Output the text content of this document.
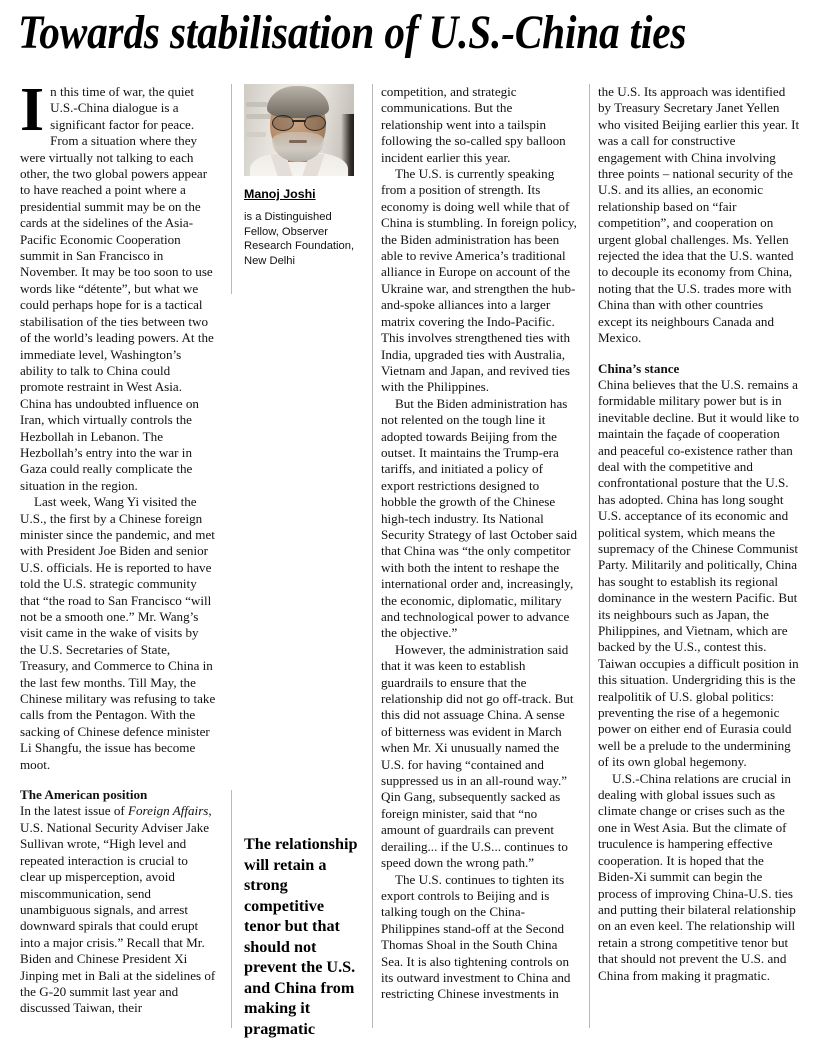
Towards stabilisation of U.S.-China ties

In this time of war, the quiet U.S.-China dialogue is a significant factor for peace. From a situation where they were virtually not talking to each other, the two global powers appear to have reached a point where a presidential summit may be on the cards at the sidelines of the Asia-Pacific Economic Cooperation summit in San Francisco in November. It may be too soon to use words like “détente”, but what we could perhaps hope for is a tactical stabilisation of the ties between two of the world’s leading powers. At the immediate level, Washington’s ability to talk to China could promote restraint in West Asia. China has undoubted influence on Iran, which virtually controls the Hezbollah in Lebanon. The Hezbollah’s entry into the war in Gaza could really complicate the situation in the region.

Last week, Wang Yi visited the U.S., the first by a Chinese foreign minister since the pandemic, and met with President Joe Biden and senior U.S. officials. He is reported to have told the U.S. strategic community that “the road to San Francisco “will not be a smooth one.” Mr. Wang’s visit came in the wake of visits by the U.S. Secretaries of State, Treasury, and Commerce to China in the last few months. Till May, the Chinese military was refusing to take calls from the Pentagon. With the sacking of Chinese defence minister Li Shangfu, the issue has become moot.

The American position

In the latest issue of Foreign Affairs, U.S. National Security Adviser Jake Sullivan wrote, “High level and repeated interaction is crucial to clear up misperception, avoid miscommunication, send unambiguous signals, and arrest downward spirals that could erupt into a major crisis.” Recall that Mr. Biden and Chinese President Xi Jinping met in Bali at the sidelines of the G-20 summit last year and discussed Taiwan, their

Manoj Joshi
is a Distinguished Fellow, Observer Research Foundation, New Delhi
The relationship will retain a strong competitive tenor but that should not prevent the U.S. and China from making it pragmatic

competition, and strategic communications. But the relationship went into a tailspin following the so-called spy balloon incident earlier this year.

The U.S. is currently speaking from a position of strength. Its economy is doing well while that of China is stumbling. In foreign policy, the Biden administration has been able to revive America’s traditional alliance in Europe on account of the Ukraine war, and strengthen the hub-and-spoke alliances into a larger matrix covering the Indo-Pacific. This involves strengthened ties with India, upgraded ties with Australia, Vietnam and Japan, and revived ties with the Philippines.

But the Biden administration has not relented on the tough line it adopted towards Beijing from the outset. It maintains the Trump-era tariffs, and initiated a policy of export restrictions designed to hobble the growth of the Chinese high-tech industry. Its National Security Strategy of last October said that China was “the only competitor with both the intent to reshape the international order and, increasingly, the economic, diplomatic, military and technological power to advance the objective.”

However, the administration said that it was keen to establish guardrails to ensure that the relationship did not go off-track. But this did not assuage China. A sense of bitterness was evident in March when Mr. Xi unusually named the U.S. for having “contained and suppressed us in an all-round way.” Qin Gang, subsequently sacked as foreign minister, said that “no amount of guardrails can prevent derailing... if the U.S... continues to speed down the wrong path.”

The U.S. continues to tighten its export controls to Beijing and is talking tough on the China-Philippines stand-off at the Second Thomas Shoal in the South China Sea. It is also tightening controls on its outward investment to China and restricting Chinese investments in

the U.S. Its approach was identified by Treasury Secretary Janet Yellen who visited Beijing earlier this year. It was a call for constructive engagement with China involving three points – national security of the U.S. and its allies, an economic relationship based on “fair competition”, and cooperation on urgent global challenges. Ms. Yellen rejected the idea that the U.S. wanted to decouple its economy from China, noting that the U.S. trades more with China than with other countries except its neighbours Canada and Mexico.

China’s stance

China believes that the U.S. remains a formidable military power but is in inevitable decline. But it would like to maintain the façade of cooperation and peaceful co-existence rather than deal with the competitive and confrontational posture that the U.S. has adopted. China has long sought U.S. acceptance of its economic and political system, which means the supremacy of the Chinese Communist Party. Militarily and politically, China has sought to establish its regional dominance in the western Pacific. But its neighbours such as Japan, the Philippines, and Vietnam, which are backed by the U.S., contest this. Taiwan occupies a difficult position in this situation. Undergriding this is the realpolitik of U.S. global politics: preventing the rise of a hegemonic power on either end of Eurasia could well be a prelude to the undermining of its own global hegemony.

U.S.-China relations are crucial in dealing with global issues such as climate change or crises such as the one in West Asia. But the climate of truculence is hampering effective cooperation. It is hoped that the Biden-Xi summit can begin the process of improving China-U.S. ties and putting their bilateral relationship on an even keel. The relationship will retain a strong competitive tenor but that should not prevent the U.S. and China from making it pragmatic.
